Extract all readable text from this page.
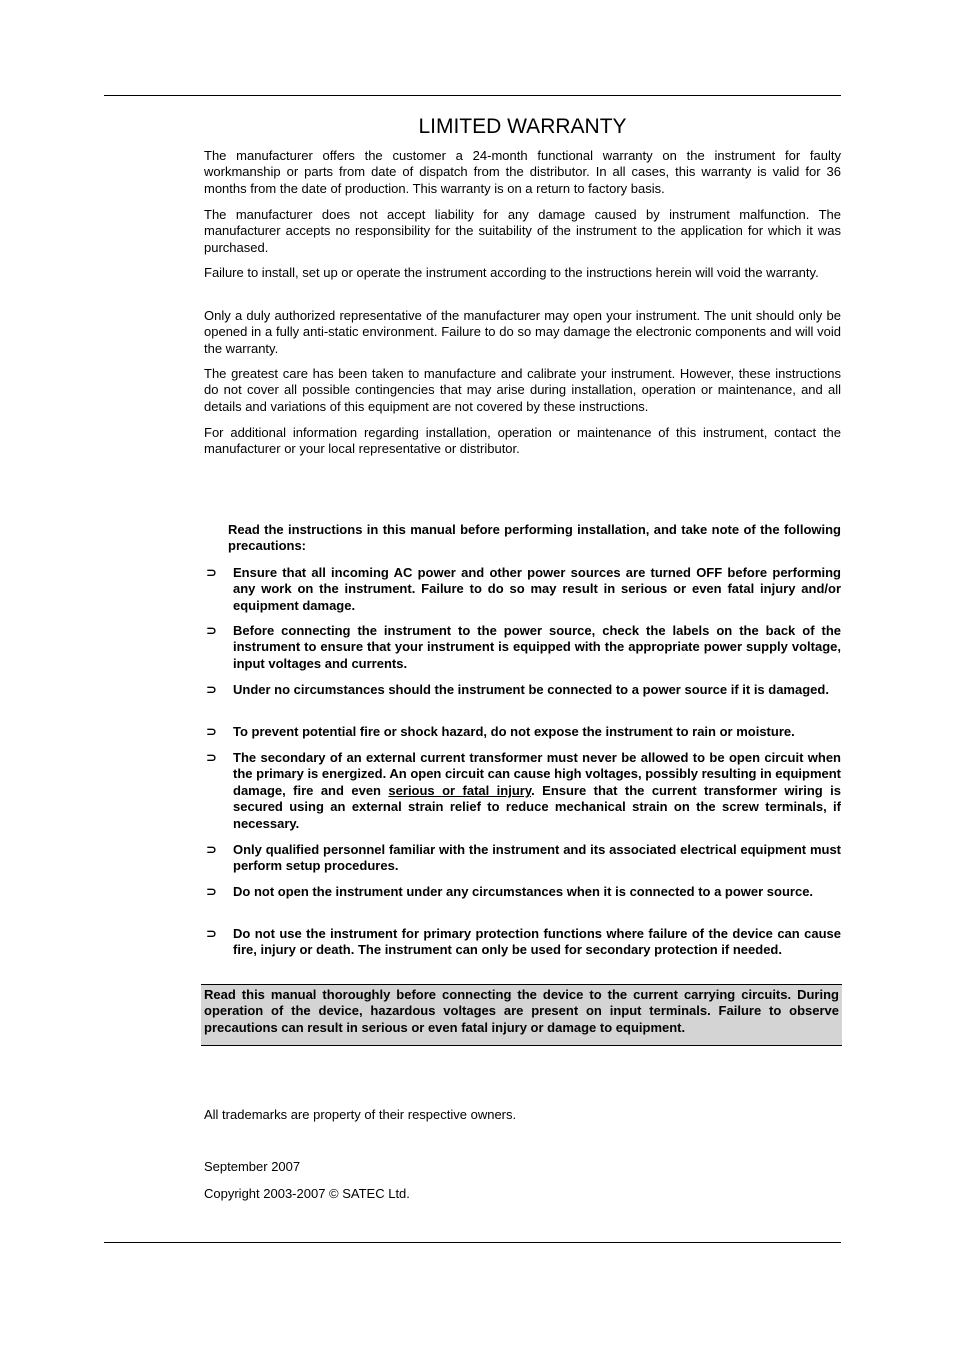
LIMITED WARRANTY

The manufacturer offers the customer a 24-month functional warranty on the instrument for faulty workmanship or parts from date of dispatch from the distributor. In all cases, this warranty is valid for 36 months from the date of production. This warranty is on a return to factory basis.

The manufacturer does not accept liability for any damage caused by instrument malfunction. The manufacturer accepts no responsibility for the suitability of the instrument to the application for which it was purchased.

Failure to install, set up or operate the instrument according to the instructions herein will void the warranty.

Only a duly authorized representative of the manufacturer may open your instrument. The unit should only be opened in a fully anti-static environment. Failure to do so may damage the electronic components and will void the warranty.

The greatest care has been taken to manufacture and calibrate your instrument. However, these instructions do not cover all possible contingencies that may arise during installation, operation or maintenance, and all details and variations of this equipment are not covered by these instructions.

For additional information regarding installation, operation or maintenance of this instrument, contact the manufacturer or your local representative or distributor.

Read the instructions in this manual before performing installation, and take note of the following precautions:

⊃ Ensure that all incoming AC power and other power sources are turned OFF before performing any work on the instrument. Failure to do so may result in serious or even fatal injury and/or equipment damage.
⊃ Before connecting the instrument to the power source, check the labels on the back of the instrument to ensure that your instrument is equipped with the appropriate power supply voltage, input voltages and currents.
⊃ Under no circumstances should the instrument be connected to a power source if it is damaged.
⊃ To prevent potential fire or shock hazard, do not expose the instrument to rain or moisture.
⊃ The secondary of an external current transformer must never be allowed to be open circuit when the primary is energized. An open circuit can cause high voltages, possibly resulting in equipment damage, fire and even serious or fatal injury. Ensure that the current transformer wiring is secured using an external strain relief to reduce mechanical strain on the screw terminals, if necessary.
⊃ Only qualified personnel familiar with the instrument and its associated electrical equipment must perform setup procedures.
⊃ Do not open the instrument under any circumstances when it is connected to a power source.
⊃ Do not use the instrument for primary protection functions where failure of the device can cause fire, injury or death. The instrument can only be used for secondary protection if needed.

Read this manual thoroughly before connecting the device to the current carrying circuits. During operation of the device, hazardous voltages are present on input terminals. Failure to observe precautions can result in serious or even fatal injury or damage to equipment.

All trademarks are property of their respective owners.

September 2007

Copyright 2003-2007 © SATEC Ltd.
